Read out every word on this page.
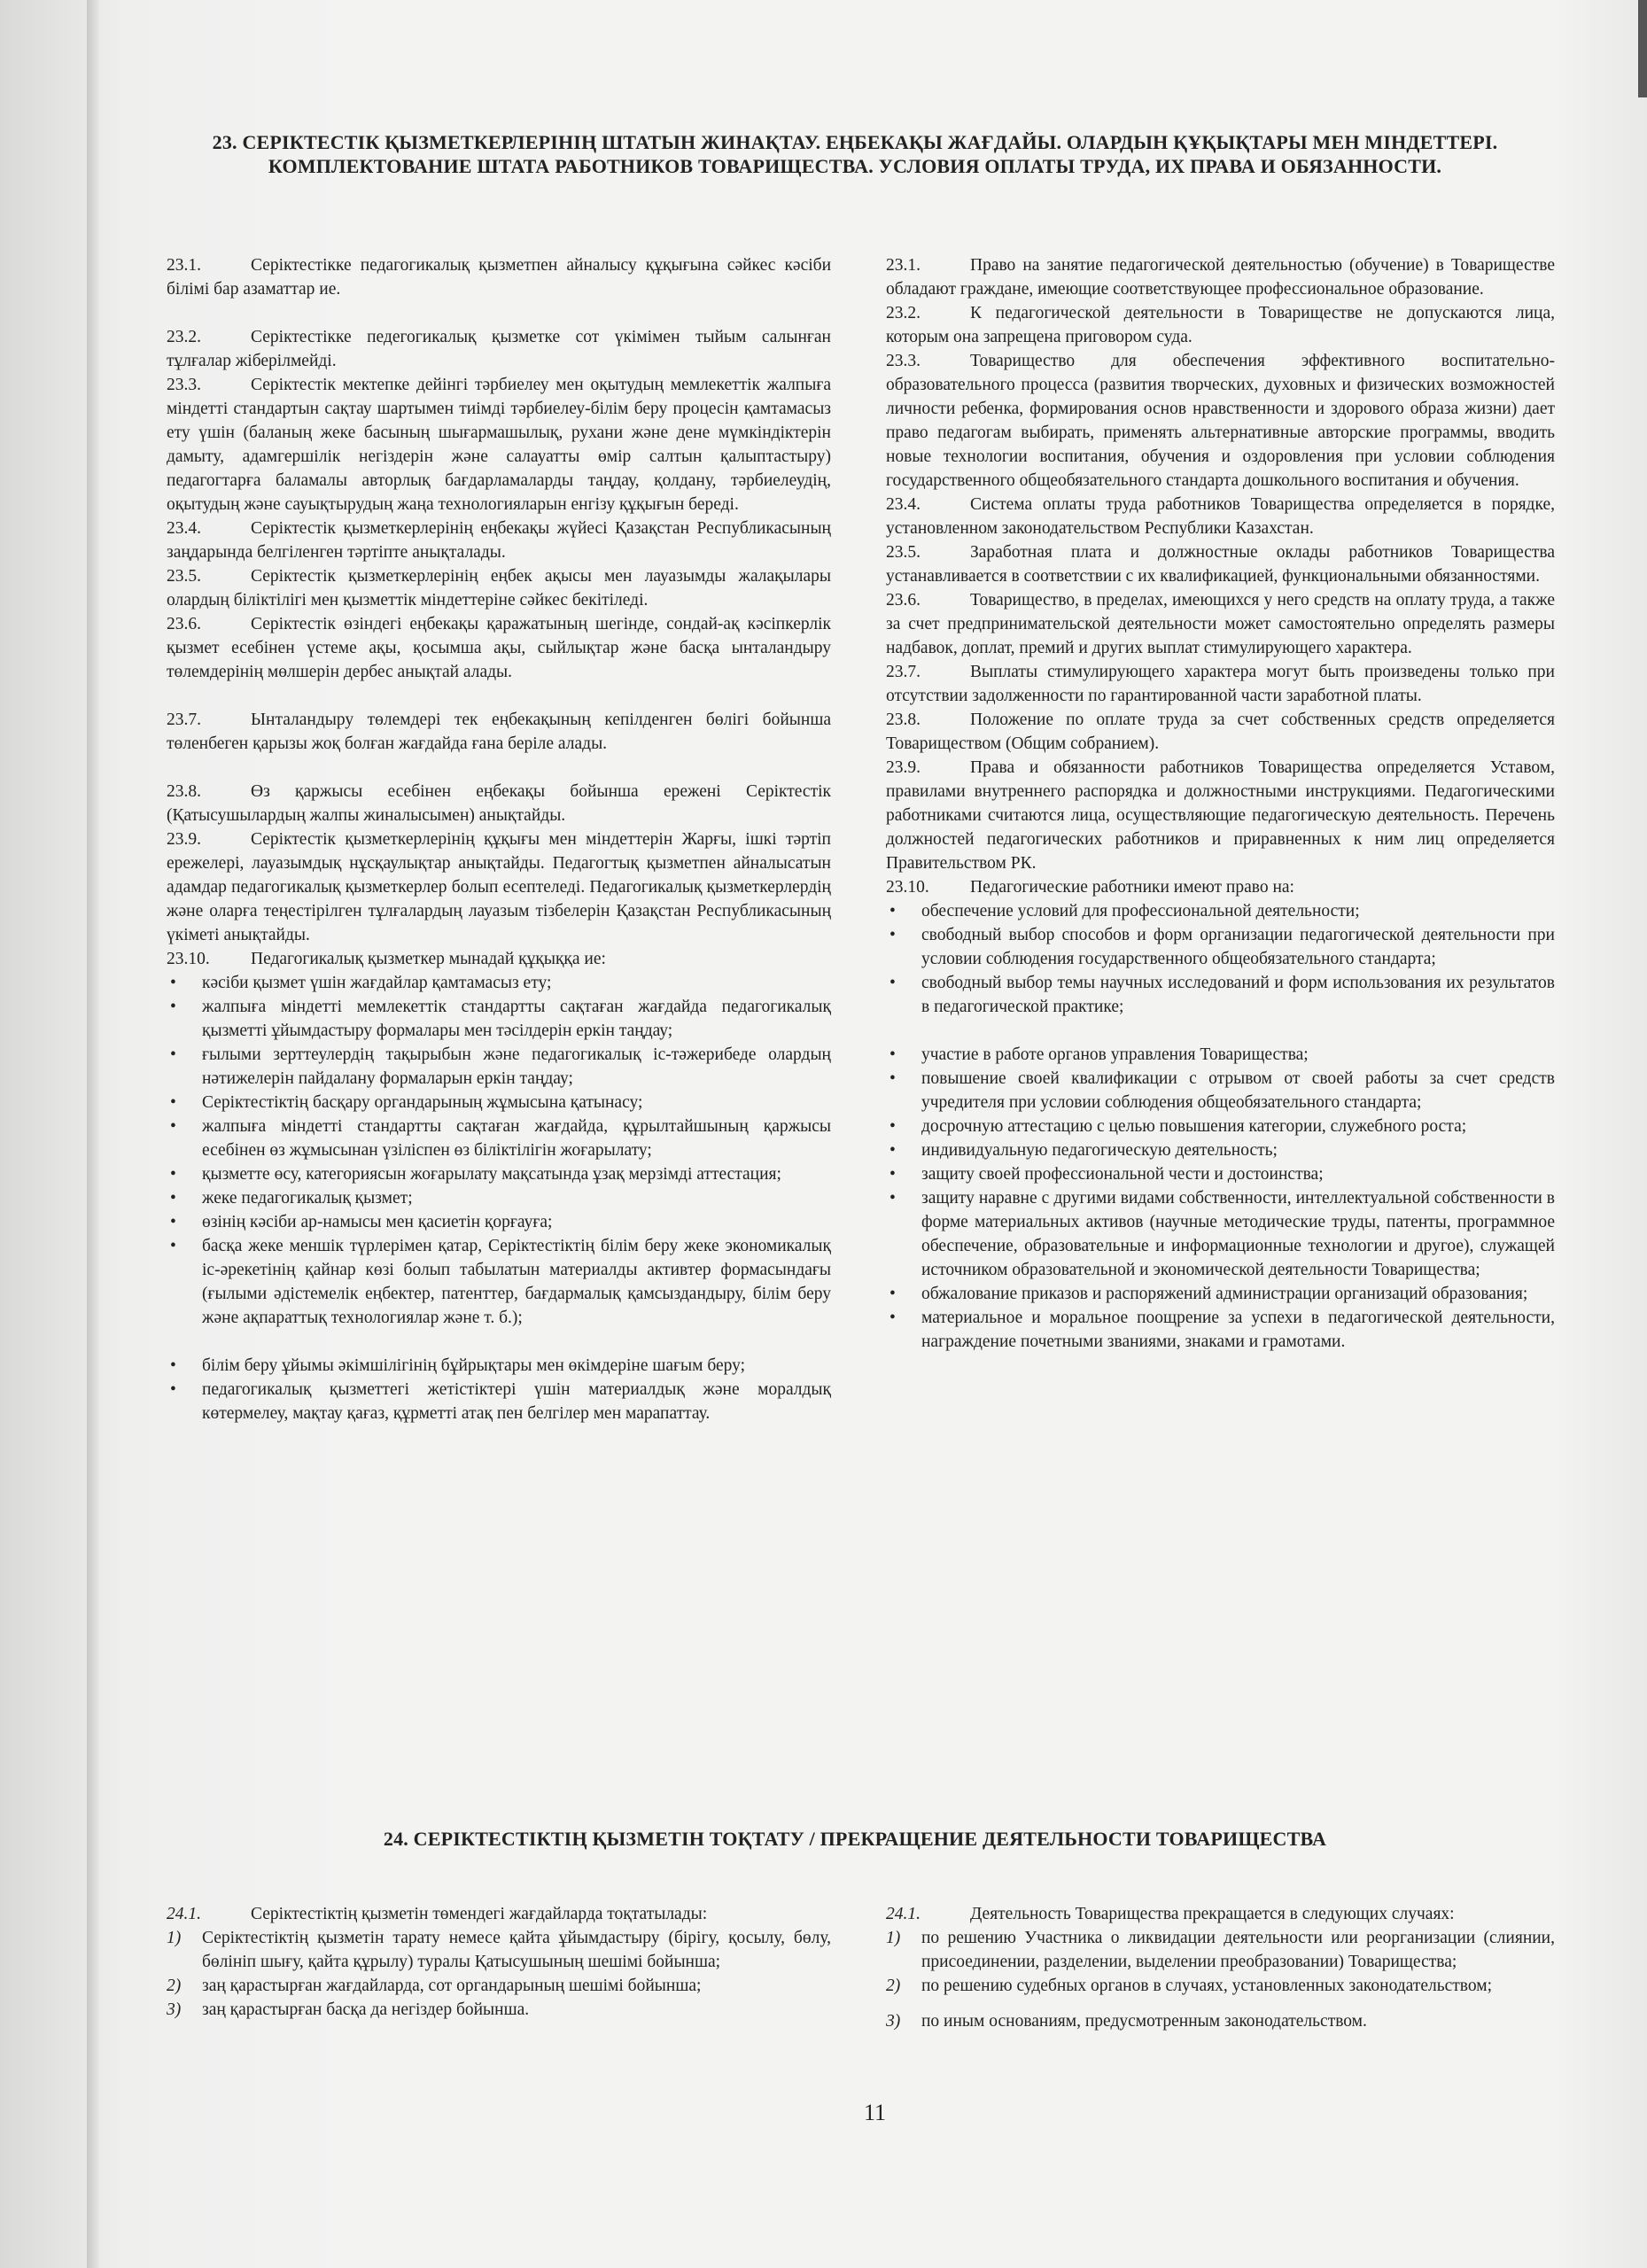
23. СЕРІКТЕСТІК ҚЫЗМЕТКЕРЛЕРІНІҢ ШТАТЫН ЖИНАҚТАУ. ЕҢБЕКАҚЫ ЖАҒДАЙЫ. ОЛАРДЫН ҚҰҚЫҚТАРЫ МЕН МІНДЕТТЕРІ. КОМПЛЕКТОВАНИЕ ШТАТА РАБОТНИКОВ ТОВАРИЩЕСТВА. УСЛОВИЯ ОПЛАТЫ ТРУДА, ИХ ПРАВА И ОБЯЗАННОСТИ.

23.1.	Серіктестікке педагогикалық қызметпен айналысу құқығына сәйкес кәсіби білімі бар азаматтар ие.

23.2.	Серіктестікке педегогикалық қызметке сот үкімімен тыйым салынған тұлғалар жіберілмейді.

23.3.	Серіктестік мектепке дейінгі тәрбиелеу мен оқытудың мемлекеттік жалпыға міндетті стандартын сақтау шартымен тиімді тәрбиелеу-білім беру процесін қамтамасыз ету үшін (баланың жеке басының шығармашылық, рухани және дене мүмкіндіктерін дамыту, адамгершілік негіздерін және салауатты өмір салтын қалыптастыру) педагогтарға баламалы авторлық бағдарламаларды таңдау, қолдану, тәрбиелеудің, оқытудың және сауықтырудың жаңа технологияларын енгізу құқығын береді.

23.4.	Серіктестік қызметкерлерінің еңбекақы жүйесі Қазақстан Республикасының заңдарында белгіленген тәртіпте анықталады.

23.5.	Серіктестік қызметкерлерінің еңбек ақысы мен лауазымды жалақылары олардың біліктілігі мен қызметтік міндеттеріне сәйкес бекітіледі.

23.6.	Серіктестік өзіндегі еңбекақы қаражатының шегінде, сондай-ақ кәсіпкерлік қызмет есебінен үстеме ақы, қосымша ақы, сыйлықтар және басқа ынталандыру төлемдерінің мөлшерін дербес анықтай алады.

23.7.	Ынталандыру төлемдері тек еңбекақының кепілденген бөлігі бойынша төленбеген қарызы жоқ болған жағдайда ғана беріле алады.

23.8.	Өз қаржысы есебінен еңбекақы бойынша ережені Серіктестік (Қатысушылардың жалпы жиналысымен) анықтайды.

23.9.	Серіктестік қызметкерлерінің құқығы мен міндеттерін Жарғы, ішкі тәртіп ережелері, лауазымдық нұсқаулықтар анықтайды. Педагогтық қызметпен айналысатын адамдар педагогикалық қызметкерлер болып есептеледі. Педагогикалық қызметкерлердің және оларға теңестірілген тұлғалардың лауазым тізбелерін Қазақстан Республикасының үкіметі анықтайды.

23.10. Педагогикалық қызметкер мынадай құқыққа ие:

• кәсіби қызмет үшін жағдайлар қамтамасыз ету;

• жалпыға міндетті мемлекеттік стандартты сақтаған жағдайда педагогикалық қызметті ұйымдастыру формалары мен тәсілдерін еркін таңдау;

• ғылыми зерттеулердің тақырыбын және педагогикалық іс-тәжерибеде олардың нәтижелерін пайдалану формаларын еркін таңдау;

• Серіктестіктің басқару органдарының жұмысына қатынасу;

• жалпыға міндетті стандартты сақтаған жағдайда, құрылтайшының қаржысы есебінен өз жұмысынан үзіліспен өз біліктілігін жоғарылату;

• қызметте өсу, категориясын жоғарылату мақсатында ұзақ мерзімді аттестация;

• жеке педагогикалық қызмет;

• өзінің кәсіби ар-намысы мен қасиетін қорғауға;

• басқа жеке меншік түрлерімен қатар, Серіктестіктің білім беру жеке экономикалық іс-әрекетінің қайнар көзі болып табылатын материалды активтер формасындағы (ғылыми әдістемелік еңбектер, патенттер, бағдармалық қамсыздандыру, білім беру және ақпараттық технологиялар және т. б.);

• білім беру ұйымы әкімшілігінің бұйрықтары мен өкімдеріне шағым беру;

• педагогикалық қызметтегі жетістіктері үшін материалдық және моралдық көтермелеу, мақтау қағаз, құрметті атақ пен белгілер мен марапаттау.

23.1.	Право на занятие педагогической деятельностью (обучение) в Товариществе обладают граждане, имеющие соответствующее профессиональное образование.

23.2.	К педагогической деятельности в Товариществе не допускаются лица, которым она запрещена приговором суда.

23.3.	Товарищество для обеспечения эффективного воспитательно-образовательного процесса (развития творческих, духовных и физических возможностей личности ребенка, формирования основ нравственности и здорового образа жизни) дает право педагогам выбирать, применять альтернативные авторские программы, вводить новые технологии воспитания, обучения и оздоровления при условии соблюдения государственного общеобязательного стандарта дошкольного воспитания и обучения.

23.4.	Система оплаты труда работников Товарищества определяется в порядке, установленном законодательством Республики Казахстан.

23.5.	Заработная плата и должностные оклады работников Товарищества устанавливается в соответствии с их квалификацией, функциональными обязанностями.

23.6.	Товарищество, в пределах, имеющихся у него средств на оплату труда, а также за счет предпринимательской деятельности может самостоятельно определять размеры надбавок, доплат, премий и других выплат стимулирующего характера.

23.7.	Выплаты стимулирующего характера могут быть произведены только при отсутствии задолженности по гарантированной части заработной платы.

23.8.	Положение по оплате труда за счет собственных средств определяется Товариществом (Общим собранием).

23.9.	Права и обязанности работников Товарищества определяется Уставом, правилами внутреннего распорядка и должностными инструкциями. Педагогическими работниками считаются лица, осуществляющие педагогическую деятельность. Перечень должностей педагогических работников и приравненных к ним лиц определяется Правительством РК.

23.10. Педагогические работники имеют право на:

• обеспечение условий для профессиональной деятельности;

• свободный выбор способов и форм организации педагогической деятельности при условии соблюдения государственного общеобязательного стандарта;

• свободный выбор темы научных исследований и форм использования их результатов в педагогической практике;

• участие в работе органов управления Товарищества;

• повышение своей квалификации с отрывом от своей работы за счет средств учредителя при условии соблюдения общеобязательного стандарта;

• досрочную аттестацию с целью повышения категории, служебного роста;

• индивидуальную педагогическую деятельность;

• защиту своей профессиональной чести и достоинства;

• защиту наравне с другими видами собственности, интеллектуальной собственности в форме материальных активов (научные методические труды, патенты, программное обеспечение, образовательные и информационные технологии и другое), служащей источником образовательной и экономической деятельности Товарищества;

• обжалование приказов и распоряжений администрации организаций образования;

• материальное и моральное поощрение за успехи в педагогической деятельности, награждение почетными званиями, знаками и грамотами.

24. СЕРІКТЕСТІКТІҢ ҚЫЗМЕТІН ТОҚТАТУ / ПРЕКРАЩЕНИЕ ДЕЯТЕЛЬНОСТИ ТОВАРИЩЕСТВА

24.1.	Серіктестіктің қызметін төмендегі жағдайларда тоқтатылады:

1) Серіктестіктің қызметін тарату немесе қайта ұйымдастыру (бірігу, қосылу, бөлу, бөлініп шығу, қайта құрылу) туралы Қатысушының шешімі бойынша;

2) заң қарастырған жағдайларда, сот органдарының шешімі бойынша;

3) заң қарастырған басқа да негіздер бойынша.

24.1.	Деятельность Товарищества прекращается в следующих случаях:

1) по решению Участника о ликвидации деятельности или реорганизации (слиянии, присоединении, разделении, выделении преобразовании) Товарищества;

2) по решению судебных органов в случаях, установленных законодательством;

3) по иным основаниям, предусмотренным законодательством.

11
